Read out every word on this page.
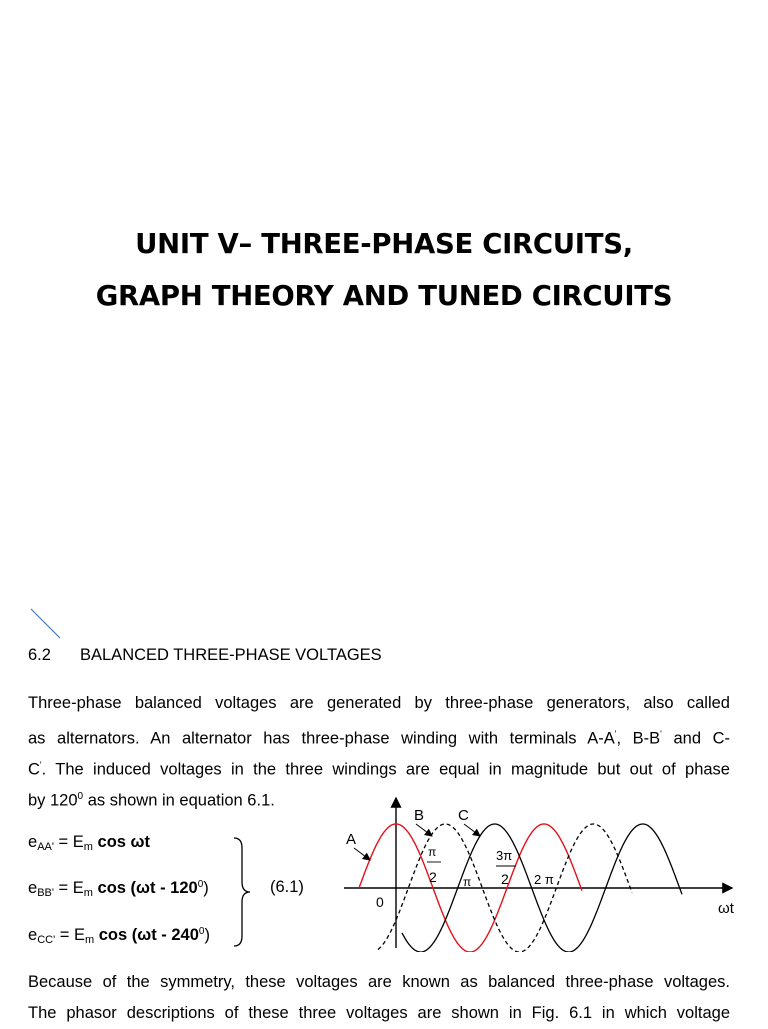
UNIT V– THREE-PHASE CIRCUITS,
GRAPH THEORY AND TUNED CIRCUITS
6.2 BALANCED THREE-PHASE VOLTAGES
Three-phase balanced voltages are generated by three-phase generators, also called
as alternators. An alternator has three-phase winding with terminals A-A', B-B' and C-
C'. The induced voltages in the three windings are equal in magnitude but out of phase
by $120^0$ as shown in equation 6.1.
$e_{AA'} = E_m$ cos ωt
$e_{BB'} = E_m$ $\cos (\omega t - 120^0)$
$e_{CC'} = E_m$ $\cos (\omega t - 240^0)$
(6.1)
A
B C
0	ωt
π
2 π
3π
2 2 π
Because of the symmetry, these voltages are known as balanced three-phase voltages.
The phasor descriptions of these three voltages are shown in Fig. 6.1 in which voltage
